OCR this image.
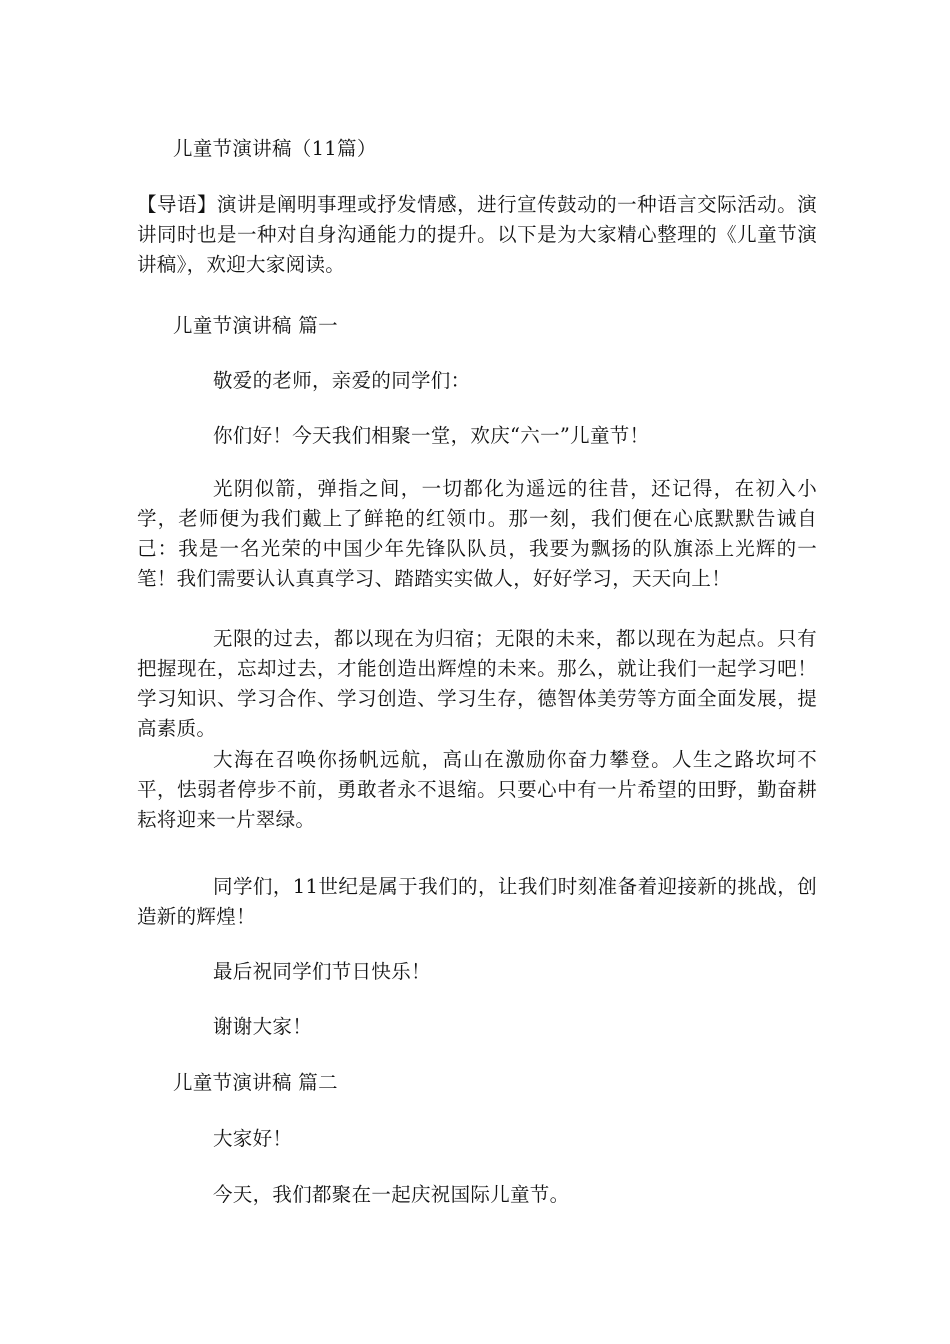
儿童节演讲稿（11篇）
【导语】演讲是阐明事理或抒发情感，进行宣传鼓动的一种语言交际活动。演讲同时也是一种对自身沟通能力的提升。以下是为大家精心整理的《儿童节演讲稿》，欢迎大家阅读。
儿童节演讲稿 篇一
敬爱的老师，亲爱的同学们：
你们好！今天我们相聚一堂，欢庆“六一”儿童节！
光阴似箭，弹指之间，一切都化为遥远的往昔，还记得，在初入小学，老师便为我们戴上了鲜艳的红领巾。那一刻，我们便在心底默默告诫自己：我是一名光荣的中国少年先锋队队员，我要为飘扬的队旗添上光辉的一笔！我们需要认认真真学习、踏踏实实做人，好好学习，天天向上！
无限的过去，都以现在为归宿；无限的未来，都以现在为起点。只有把握现在，忘却过去，才能创造出辉煌的未来。那么，就让我们一起学习吧！学习知识、学习合作、学习创造、学习生存，德智体美劳等方面全面发展，提高素质。
大海在召唤你扬帆远航，高山在激励你奋力攀登。人生之路坎坷不平，怯弱者停步不前，勇敢者永不退缩。只要心中有一片希望的田野，勤奋耕耘将迎来一片翠绿。
同学们，11世纪是属于我们的，让我们时刻准备着迎接新的挑战，创造新的辉煌！
最后祝同学们节日快乐！
谢谢大家！
儿童节演讲稿 篇二
大家好！
今天，我们都聚在一起庆祝国际儿童节。
